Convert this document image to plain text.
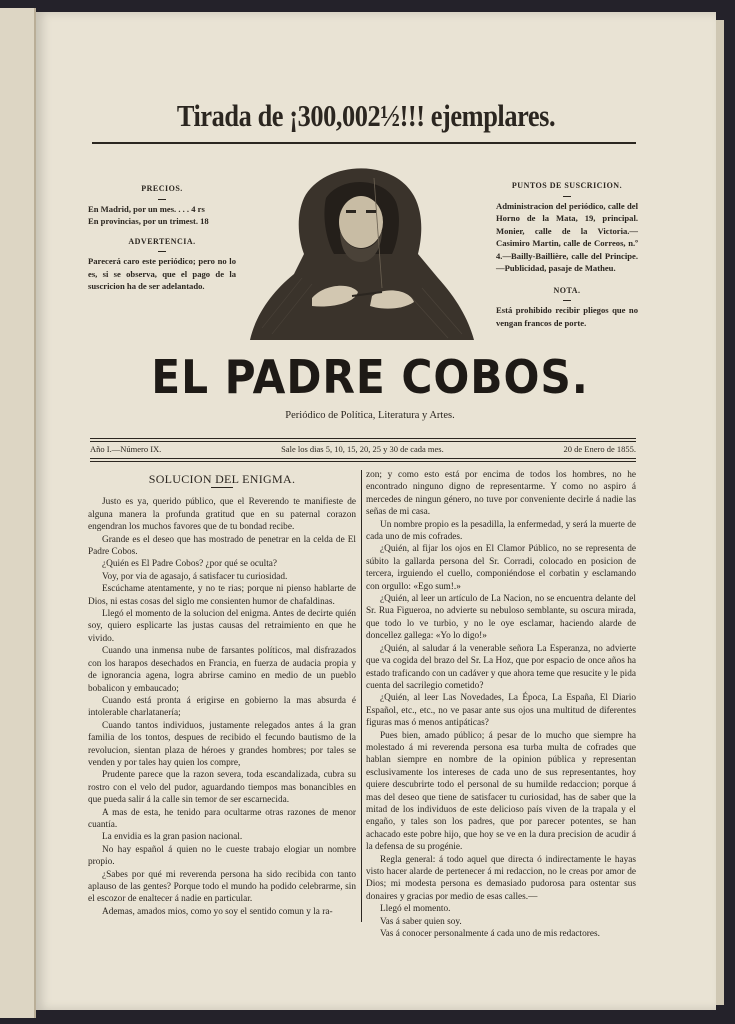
Tirada de ¡300,002½!!! ejemplares.
PRECIOS.

En Madrid, por un mes. . . . 4 rs

En provincias, por un trimest. 18

ADVERTENCIA.

Parecerá caro este periódico; pero no lo es, si se observa, que el pago de la suscricion ha de ser adelantado.

PUNTOS DE SUSCRICION.

Administracion del periódico, calle del Horno de la Mata, 19, principal. Monier, calle de la Victoria.—Casimiro Martin, calle de Correos, n.º 4.—Bailly-Baillière, calle del Principe.—Publicidad, pasaje de Matheu.

NOTA.

Está prohibido recibir pliegos que no vengan francos de porte.

EL PADRE COBOS.
Periódico de Política, Literatura y Artes.
Año I.—Número IX.	Sale los dias 5, 10, 15, 20, 25 y 30 de cada mes.	20 de Enero de 1855.
SOLUCION DEL ENIGMA.

Justo es ya, querido público, que el Reverendo te manifieste de alguna manera la profunda gratitud que en su paternal corazon engendran los muchos favores que de tu bondad recibe.

Grande es el deseo que has mostrado de penetrar en la celda de El Padre Cobos.

¿Quién es El Padre Cobos? ¿por qué se oculta?

Voy, por via de agasajo, á satisfacer tu curiosidad.

Escúchame atentamente, y no te rias; porque ni pienso hablarte de Dios, ni estas cosas del siglo me consienten humor de chafaldinas.

Llegó el momento de la solucion del enigma. Antes de decirte quién soy, quiero esplicarte las justas causas del retraimiento en que he vivido.

Cuando una inmensa nube de farsantes políticos, mal disfrazados con los harapos desechados en Francia, en fuerza de audacia propia y de ignorancia agena, logra abrirse camino en medio de un pueblo bobalicon y embaucado;

Cuando está pronta á erigirse en gobierno la mas absurda é intolerable charlatanería;

Cuando tantos individuos, justamente relegados antes á la gran familia de los tontos, despues de recibido el fecundo bautismo de la revolucion, sientan plaza de héroes y grandes hombres; por tales se venden y por tales hay quien los compre,

Prudente parece que la razon severa, toda escandalizada, cubra su rostro con el velo del pudor, aguardando tiempos mas bonancibles en que pueda salir á la calle sin temor de ser escarnecida.

A mas de esta, he tenido para ocultarme otras razones de menor cuantía.

La envidia es la gran pasion nacional.

No hay español á quien no le cueste trabajo elogiar un nombre propio.

¿Sabes por qué mi reverenda persona ha sido recibida con tanto aplauso de las gentes? Porque todo el mundo ha podido celebrarme, sin el escozor de enaltecer á nadie en particular.

Ademas, amados mios, como yo soy el sentido comun y la ra-

zon; y como esto está por encima de todos los hombres, no he encontrado ninguno digno de representarme. Y como no aspiro á mercedes de ningun género, no tuve por conveniente decirle á nadie las señas de mi casa.

Un nombre propio es la pesadilla, la enfermedad, y será la muerte de cada uno de mis cofrades.

¿Quién, al fijar los ojos en El Clamor Público, no se representa de súbito la gallarda persona del Sr. Corradi, colocado en posicion de tercera, irguiendo el cuello, componiéndose el corbatin y esclamando con orgullo: «Ego sum!.»

¿Quién, al leer un artículo de La Nacion, no se encuentra delante del Sr. Rua Figueroa, no advierte su nebuloso semblante, su oscura mirada, que todo lo ve turbio, y no le oye esclamar, haciendo alarde de doncellez gallega: «Yo lo digo!»

¿Quién, al saludar á la venerable señora La Esperanza, no advierte que va cogida del brazo del Sr. La Hoz, que por espacio de once años ha estado traficando con un cadáver y que ahora teme que resucite y le pida cuenta del sacrilegio cometido?

¿Quién, al leer Las Novedades, La Época, La España, El Diario Español, etc., etc., no ve pasar ante sus ojos una multitud de diferentes figuras mas ó menos antipáticas?

Pues bien, amado público; á pesar de lo mucho que siempre ha molestado á mi reverenda persona esa turba multa de cofrades que hablan siempre en nombre de la opinion pública y representan esclusivamente los intereses de cada uno de sus representantes, hoy quiere descubrirte todo el personal de su humilde redaccion; porque á mas del deseo que tiene de satisfacer tu curiosidad, has de saber que la mitad de los individuos de este delicioso país viven de la trapala y el engaño, y tales son los padres, que por parecer potentes, se han achacado este pobre hijo, que hoy se ve en la dura precision de acudir á la defensa de su progénie.

Regla general: á todo aquel que directa ó indirectamente le hayas visto hacer alarde de pertenecer á mi redaccion, no le creas por amor de Dios; mi modesta persona es demasiado pudorosa para ostentar sus donaires y gracias por medio de esas calles.—

Llegó el momento.

Vas á saber quien soy.

Vas á conocer personalmente á cada uno de mis redactores.
